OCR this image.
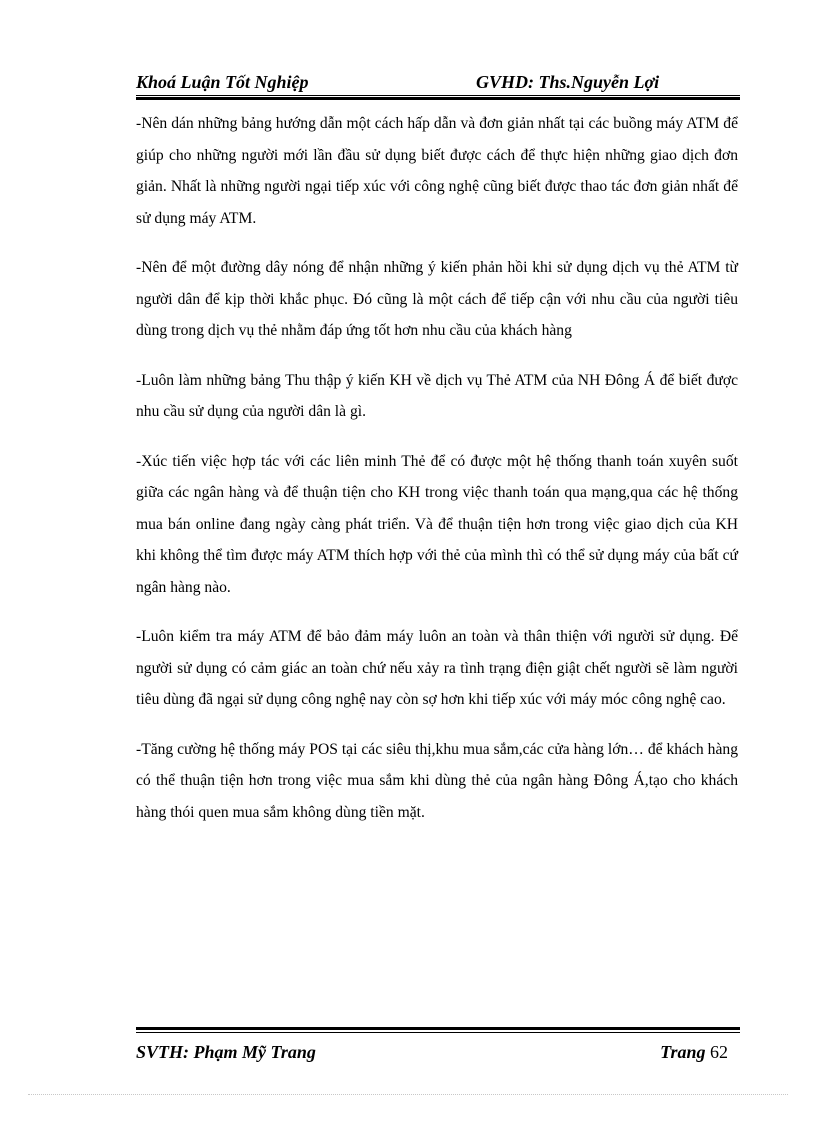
Khoá Luận Tốt Nghiệp	GVHD: Ths.Nguyễn Lợi

-Nên dán những bảng hướng dẫn một cách hấp dẫn và đơn giản nhất tại các buồng máy ATM để giúp cho những người mới lần đầu sử dụng biết được cách để thực hiện những giao dịch đơn giản. Nhất là những người ngại tiếp xúc với công nghệ cũng biết được thao tác đơn giản nhất để sử dụng máy ATM.

-Nên để một đường dây nóng để nhận những ý kiến phản hồi khi sử dụng dịch vụ thẻ ATM từ người dân để kịp thời khắc phục. Đó cũng là một cách để tiếp cận với nhu cầu của người tiêu dùng trong dịch vụ thẻ nhằm đáp ứng tốt hơn nhu cầu của khách hàng

-Luôn làm những bảng Thu thập ý kiến KH về dịch vụ Thẻ ATM của NH Đông Á để biết được nhu cầu sử dụng của người dân là gì.

-Xúc tiến việc hợp tác với các liên minh Thẻ để có được một hệ thống thanh toán xuyên suốt giữa các ngân hàng và để thuận tiện cho KH trong việc thanh toán qua mạng,qua các hệ thống mua bán online đang ngày càng phát triển. Và để thuận tiện hơn trong việc giao dịch của KH khi không thể tìm được máy ATM thích hợp với thẻ của mình thì có thể sử dụng máy của bất cứ ngân hàng nào.

-Luôn kiểm tra máy ATM để bảo đảm máy luôn an toàn và thân thiện với người sử dụng. Để người sử dụng có cảm giác an toàn chứ nếu xảy ra tình trạng điện giật chết người sẽ làm người tiêu dùng đã ngại sử dụng công nghệ nay còn sợ hơn khi tiếp xúc với máy móc công nghệ cao.

-Tăng cường hệ thống máy POS tại các siêu thị,khu mua sắm,các cửa hàng lớn… để khách hàng có thể thuận tiện hơn trong việc mua sắm khi dùng thẻ của ngân hàng Đông Á,tạo cho khách hàng thói quen mua sắm không dùng tiền mặt.

SVTH: Phạm Mỹ Trang	Trang 62
